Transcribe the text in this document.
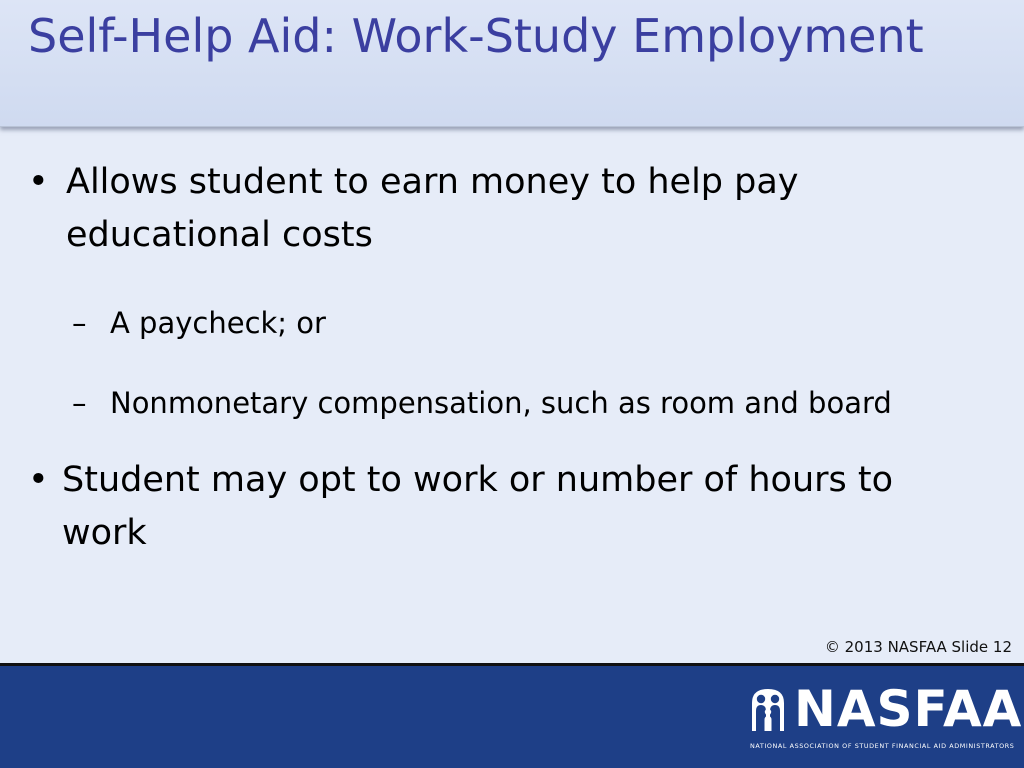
Self-Help Aid: Work-Study Employment
• Allows student to earn money to help pay educational costs
– A paycheck; or
– Nonmonetary compensation, such as room and board
• Student may opt to work or number of hours to work
© 2013 NASFAA Slide 12
NASFAA
NATIONAL ASSOCIATION OF STUDENT FINANCIAL AID ADMINISTRATORS
